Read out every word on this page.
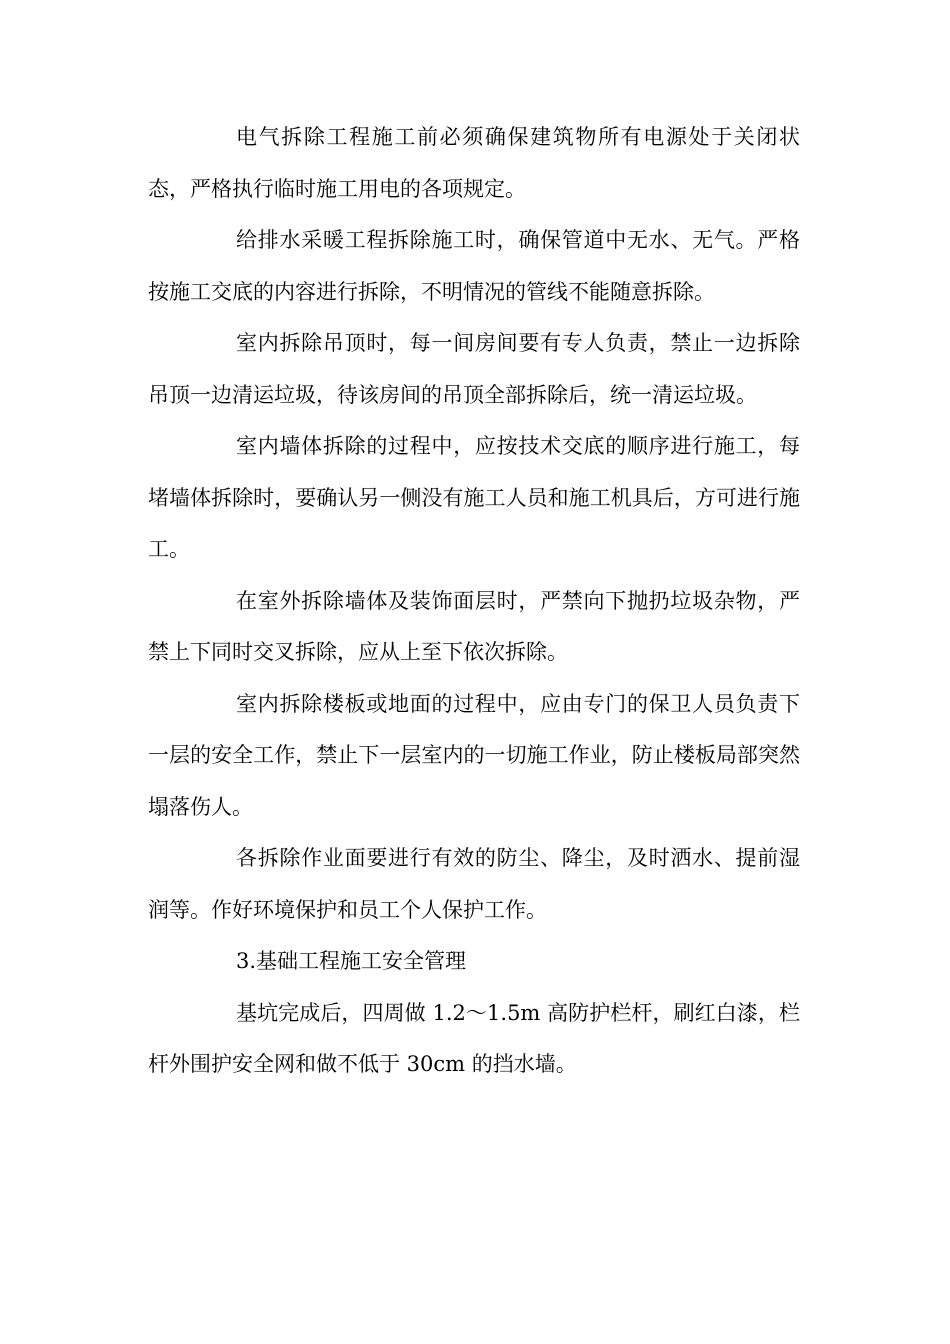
电气拆除工程施工前必须确保建筑物所有电源处于关闭状态，严格执行临时施工用电的各项规定。

给排水采暖工程拆除施工时，确保管道中无水、无气。严格按施工交底的内容进行拆除，不明情况的管线不能随意拆除。

室内拆除吊顶时，每一间房间要有专人负责，禁止一边拆除吊顶一边清运垃圾，待该房间的吊顶全部拆除后，统一清运垃圾。

室内墙体拆除的过程中，应按技术交底的顺序进行施工，每堵墙体拆除时，要确认另一侧没有施工人员和施工机具后，方可进行施工。

在室外拆除墙体及装饰面层时，严禁向下抛扔垃圾杂物，严禁上下同时交叉拆除，应从上至下依次拆除。

室内拆除楼板或地面的过程中，应由专门的保卫人员负责下一层的安全工作，禁止下一层室内的一切施工作业，防止楼板局部突然塌落伤人。

各拆除作业面要进行有效的防尘、降尘，及时洒水、提前湿润等。作好环境保护和员工个人保护工作。

3.基础工程施工安全管理

基坑完成后，四周做 1.2～1.5m 高防护栏杆，刷红白漆，栏杆外围护安全网和做不低于 30cm 的挡水墙。
